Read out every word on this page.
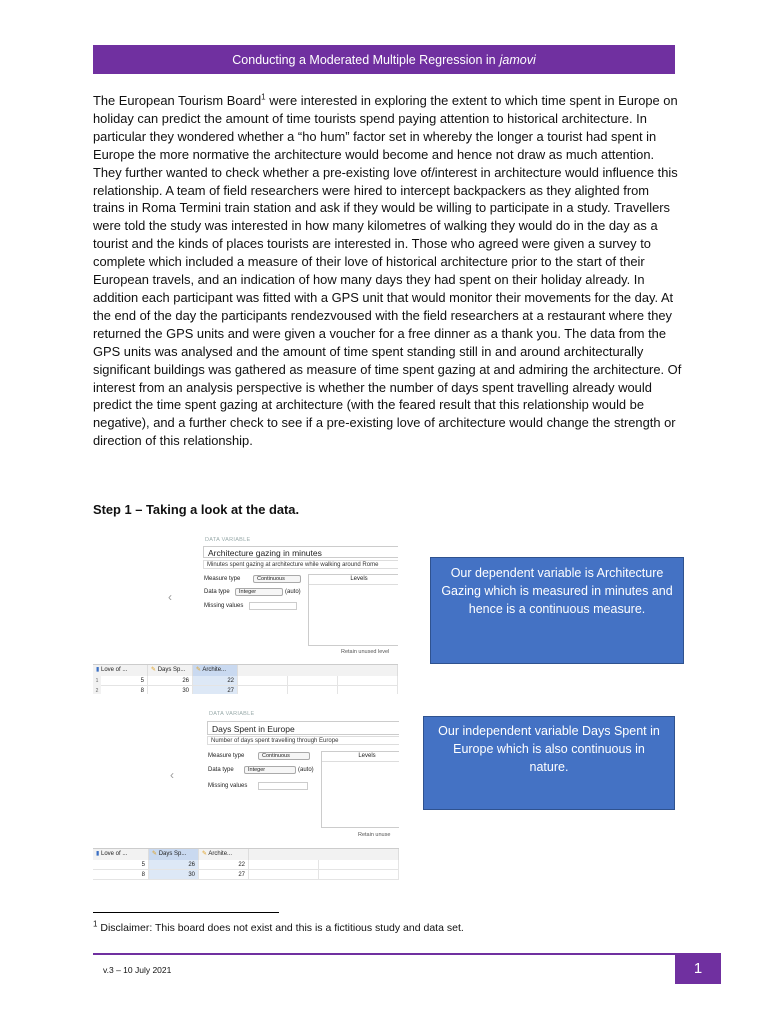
Conducting a Moderated Multiple Regression in jamovi

The European Tourism Board$^1$ were interested in exploring the extent to which time spent in Europe on holiday can predict the amount of time tourists spend paying attention to historical architecture. In particular they wondered whether a “ho hum” factor set in whereby the longer a tourist had spent in Europe the more normative the architecture would become and hence not draw as much attention. They further wanted to check whether a pre-existing love of/interest in architecture would influence this relationship. A team of field researchers were hired to intercept backpackers as they alighted from trains in Roma Termini train station and ask if they would be willing to participate in a study. Travellers were told the study was interested in how many kilometres of walking they would do in the day as a tourist and the kinds of places tourists are interested in. Those who agreed were given a survey to complete which included a measure of their love of historical architecture prior to the start of their European travels, and an indication of how many days they had spent on their holiday already. In addition each participant was fitted with a GPS unit that would monitor their movements for the day. At the end of the day the participants rendezvoused with the field researchers at a restaurant where they returned the GPS units and were given a voucher for a free dinner as a thank you. The data from the GPS units was analysed and the amount of time spent standing still in and around architecturally significant buildings was gathered as measure of time spent gazing at and admiring the architecture. Of interest from an analysis perspective is whether the number of days spent travelling already would predict the time spent gazing at architecture (with the feared result that this relationship would be negative), and a further check to see if a pre-existing love of architecture would change the strength or direction of this relationship.

Step 1 – Taking a look at the data.
DATA VARIABLE
Architecture gazing in minutes
Minutes spent gazing at architecture while walking around Rome
Measure type	Continuous
Data type	Integer	(auto)
Missing values
Levels
Retain unused level
‹
▮ Love of ...	✎ Days Sp...	✎ Archite...
1	5	26	22
2	8	30	27
DATA VARIABLE
Days Spent in Europe
Number of days spent travelling through Europe
Measure type	Continuous
Data type	Integer	(auto)
Missing values
Levels
Retain unuse
‹
▮ Love of ...	✎ Days Sp...	✎ Archite...
5	26	22
8	30	27
Our dependent variable is Architecture Gazing which is measured in minutes and hence is a continuous measure.
Our independent variable Days Spent in Europe which is also continuous in nature.
$^1$ Disclaimer: This board does not exist and this is a fictitious study and data set.
v.3 – 10 July 2021	1
